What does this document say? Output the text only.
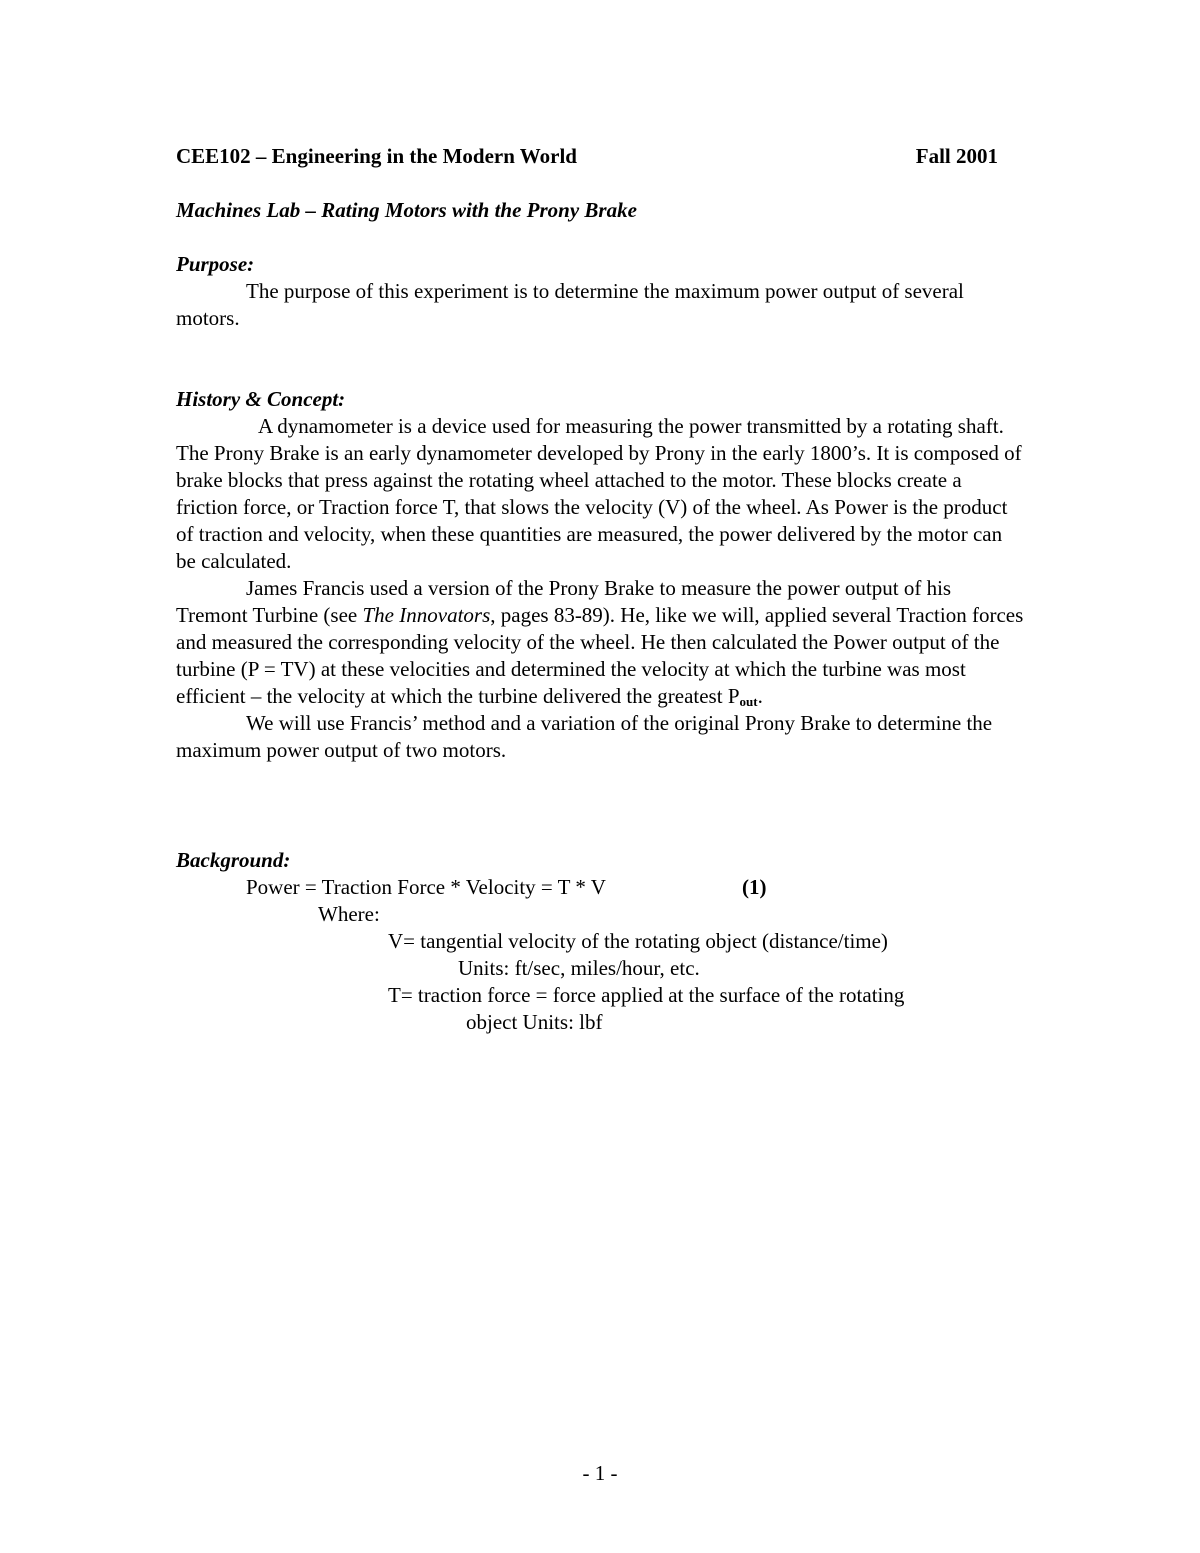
CEE102 – Engineering in the Modern World	Fall 2001
Machines Lab – Rating Motors with the Prony Brake
Purpose:

The purpose of this experiment is to determine the maximum power output of several motors.

History & Concept:

A dynamometer is a device used for measuring the power transmitted by a rotating shaft. The Prony Brake is an early dynamometer developed by Prony in the early 1800’s. It is composed of brake blocks that press against the rotating wheel attached to the motor. These blocks create a friction force, or Traction force T, that slows the velocity (V) of the wheel. As Power is the product of traction and velocity, when these quantities are measured, the power delivered by the motor can be calculated.

James Francis used a version of the Prony Brake to measure the power output of his Tremont Turbine (see The Innovators, pages 83-89). He, like we will, applied several Traction forces and measured the corresponding velocity of the wheel. He then calculated the Power output of the turbine (P = TV) at these velocities and determined the velocity at which the turbine was most efficient – the velocity at which the turbine delivered the greatest $P_{out}$.

We will use Francis’ method and a variation of the original Prony Brake to determine the maximum power output of two motors.

Background:
Power = Traction Force * Velocity = T * V	(1)
Where:
V= tangential velocity of the rotating object (distance/time)
Units: ft/sec, miles/hour, etc.
T= traction force = force applied at the surface of the rotating
object Units: lbf
- 1 -
